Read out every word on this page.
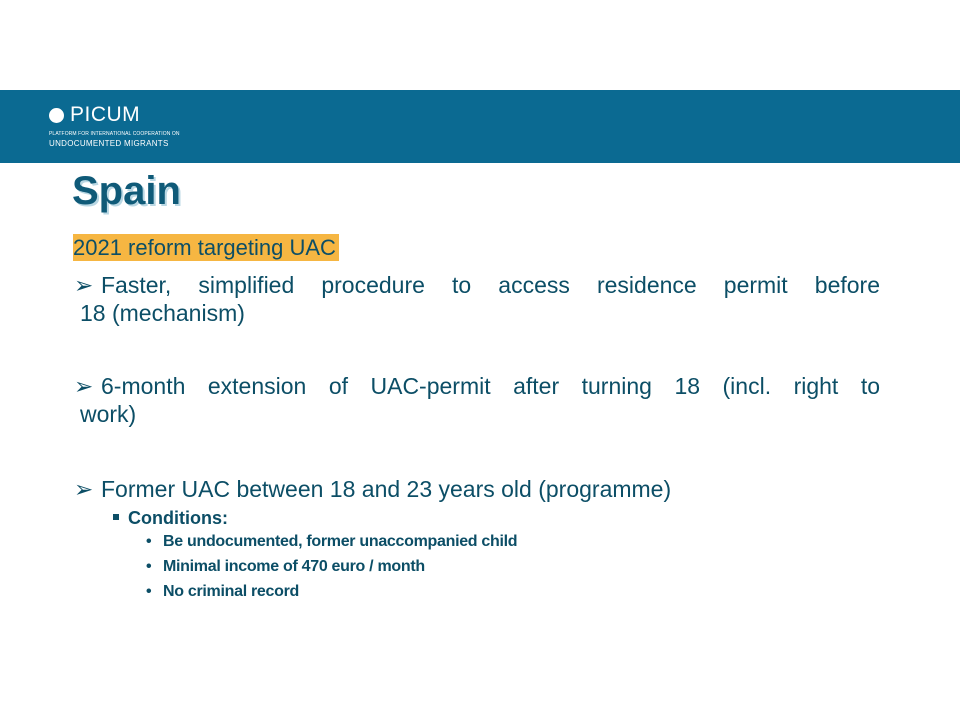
PICUM
PLATFORM FOR INTERNATIONAL COOPERATION ON
UNDOCUMENTED MIGRANTS
Spain

2021 reform targeting UAC

➢ Faster, simplified procedure to access residence permit before
18 (mechanism)
➢ 6-month extension of UAC-permit after turning 18 (incl. right to
work)
➢ Former UAC between 18 and 23 years old (programme)
Conditions:
• Be undocumented, former unaccompanied child
• Minimal income of 470 euro / month
• No criminal record
